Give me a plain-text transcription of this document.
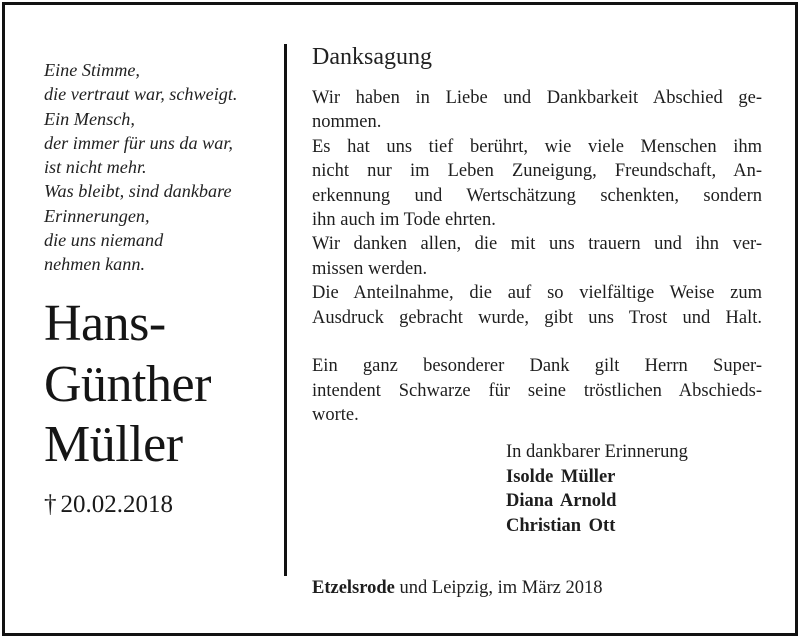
Eine Stimme,
die vertraut war, schweigt.
Ein Mensch,
der immer für uns da war,
ist nicht mehr.
Was bleibt, sind dankbare
Erinnerungen,
die uns niemand
nehmen kann.
Hans-
Günther
Müller
† 20.02.2018
Danksagung
Wir haben in Liebe und Dankbarkeit Abschied ge-
nommen.
Es hat uns tief berührt, wie viele Menschen ihm
nicht nur im Leben Zuneigung, Freundschaft, An-
erkennung und Wertschätzung schenkten, sondern
ihn auch im Tode ehrten.
Wir danken allen, die mit uns trauern und ihn ver-
missen werden.
Die Anteilnahme, die auf so vielfältige Weise zum
Ausdruck gebracht wurde, gibt uns Trost und Halt.
Ein ganz besonderer Dank gilt Herrn Super-
intendent Schwarze für seine tröstlichen Abschieds-
worte.
In dankbarer Erinnerung
Isolde Müller
Diana Arnold
Christian Ott
Etzelsrode und Leipzig, im März 2018
